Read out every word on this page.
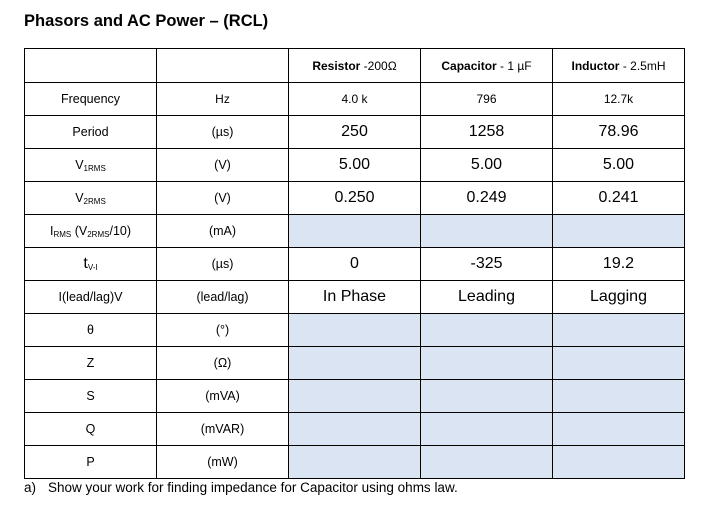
Phasors and AC Power – (RCL)
		Resistor -200Ω	Capacitor - 1 µF	Inductor - 2.5mH
Frequency	Hz	4.0 k	796	12.7k
Period	(µs)	250	1258	78.96
$V_{1RMS}$	(V)	5.00	5.00	5.00
$V_{2RMS}$	(V)	0.250	0.249	0.241
$I_{RMS}$ $(V_{2RMS}/10)$	(mA)			
$t_{V-I}$	(µs)	0	-325	19.2
I(lead/lag)V	(lead/lag)	In Phase	Leading	Lagging
θ	(°)			
Z	(Ω)			
S	(mVA)			
Q	(mVAR)			
P	(mW)			
a) Show your work for finding impedance for Capacitor using ohms law.
